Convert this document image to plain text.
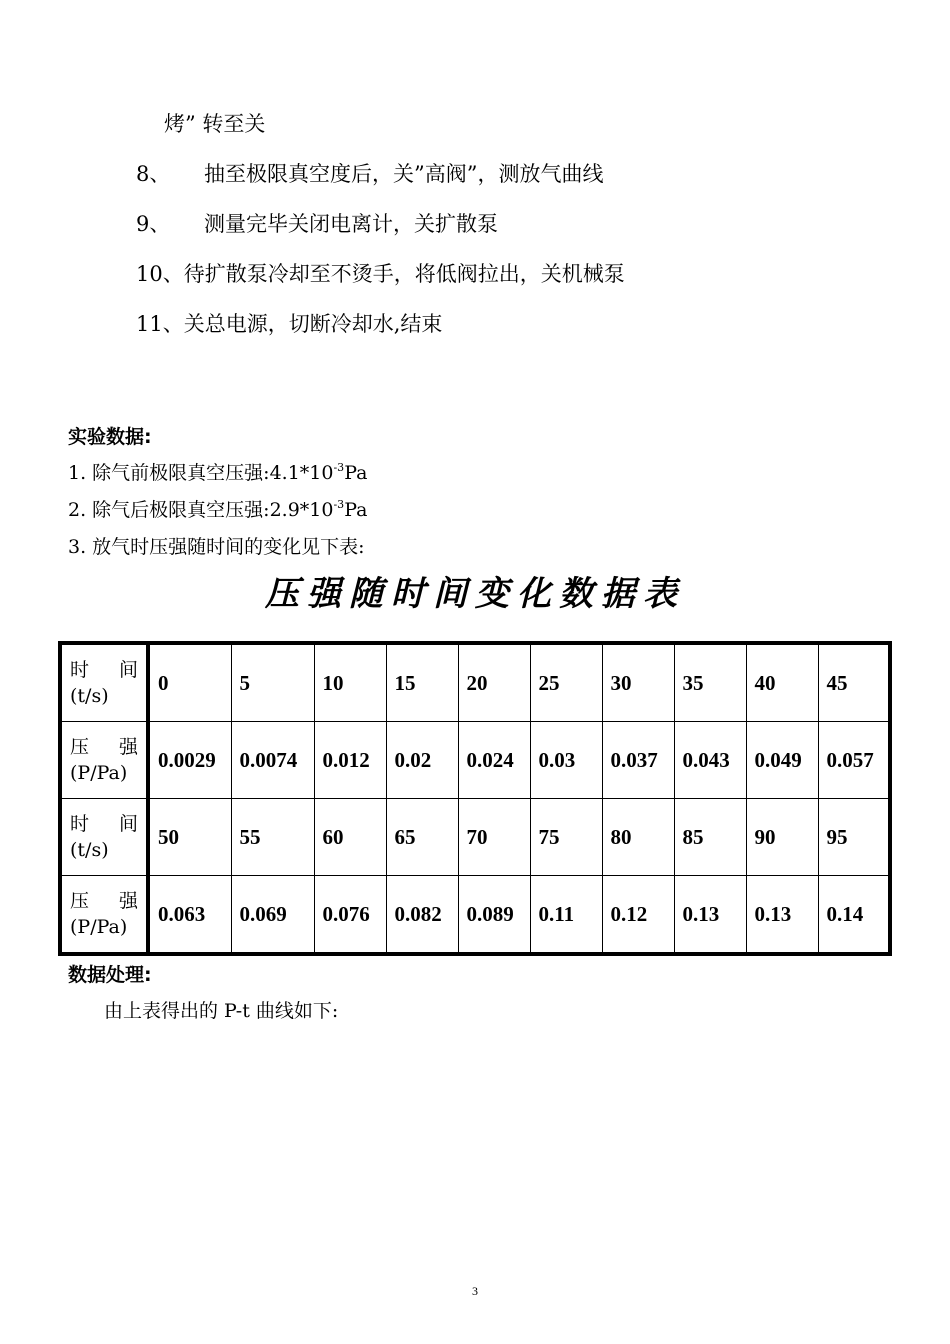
烤” 转至关
8、 抽至极限真空度后，关”高阀”，测放气曲线
9、 测量完毕关闭电离计，关扩散泵
10、待扩散泵冷却至不烫手，将低阀拉出，关机械泵
11、关总电源，切断冷却水,结束
实验数据:
1. 除气前极限真空压强$:4.1*10^{-3}Pa$
2. 除气后极限真空压强$:2.9*10^{-3}Pa$
3. 放气时压强随时间的变化见下表:
压强随时间变化数据表
时 间
(t/s)	0	5	10	15	20	25	30	35	40	45

压 强
(P/Pa)	0.0029	0.0074	0.012	0.02	0.024	0.03	0.037	0.043	0.049	0.057

时 间
(t/s)	50	55	60	65	70	75	80	85	90	95

压 强
(P/Pa)	0.063	0.069	0.076	0.082	0.089	0.11	0.12	0.13	0.13	0.14
数据处理:
由上表得出的 P-t 曲线如下:
3
